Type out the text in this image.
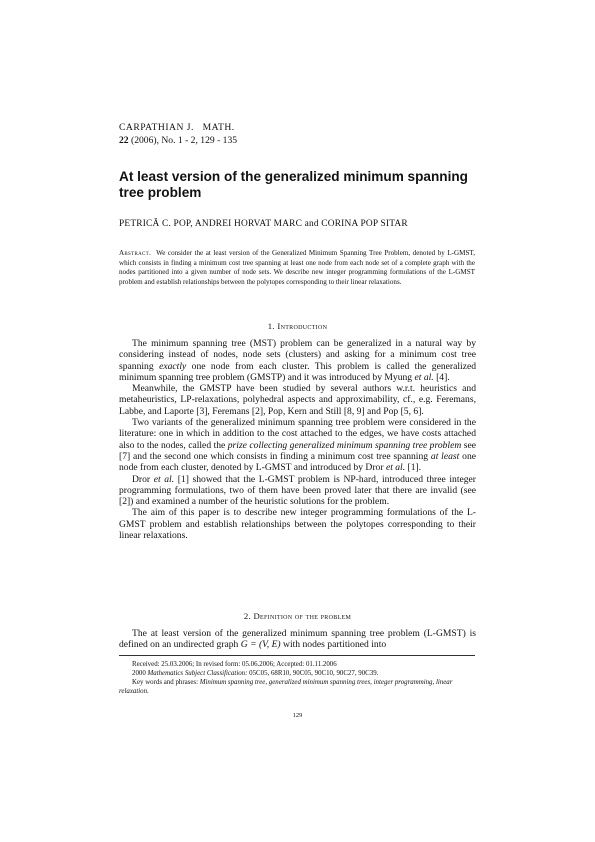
CARPATHIAN J. MATH.
22 (2006), No. 1 - 2, 129 - 135
At least version of the generalized minimum spanning tree problem
PETRICĂ C. POP, ANDREI HORVAT MARC and CORINA POP SITAR
Abstract. We consider the at least version of the Generalized Minimum Spanning Tree Problem, denoted by L-GMST, which consists in finding a minimum cost tree spanning at least one node from each node set of a complete graph with the nodes partitioned into a given number of node sets. We describe new integer programming formulations of the L-GMST problem and establish relationships between the polytopes corresponding to their linear relaxations.
1. Introduction

The minimum spanning tree (MST) problem can be generalized in a natural way by considering instead of nodes, node sets (clusters) and asking for a minimum cost tree spanning exactly one node from each cluster. This problem is called the generalized minimum spanning tree problem (GMSTP) and it was introduced by Myung et al. [4].

Meanwhile, the GMSTP have been studied by several authors w.r.t. heuristics and metaheuristics, LP-relaxations, polyhedral aspects and approximability, cf., e.g. Feremans, Labbe, and Laporte [3], Feremans [2], Pop, Kern and Still [8, 9] and Pop [5, 6].

Two variants of the generalized minimum spanning tree problem were considered in the literature: one in which in addition to the cost attached to the edges, we have costs attached also to the nodes, called the prize collecting generalized minimum spanning tree problem see [7] and the second one which consists in finding a minimum cost tree spanning at least one node from each cluster, denoted by L-GMST and introduced by Dror et al. [1].

Dror et al. [1] showed that the L-GMST problem is NP-hard, introduced three integer programming formulations, two of them have been proved later that there are invalid (see [2]) and examined a number of the heuristic solutions for the problem.

The aim of this paper is to describe new integer programming formulations of the L-GMST problem and establish relationships between the polytopes corresponding to their linear relaxations.

2. Definition of the problem

The at least version of the generalized minimum spanning tree problem (L-GMST) is defined on an undirected graph G = (V, E) with nodes partitioned into

Received: 25.03.2006; In revised form: 05.06.2006; Accepted: 01.11.2006

2000 Mathematics Subject Classification: 05C05, 68R10, 90C05, 90C10, 90C27, 90C39.

Key words and phrases: Minimum spanning tree, generalized minimum spanning trees, integer programming, linear relaxation.

129
